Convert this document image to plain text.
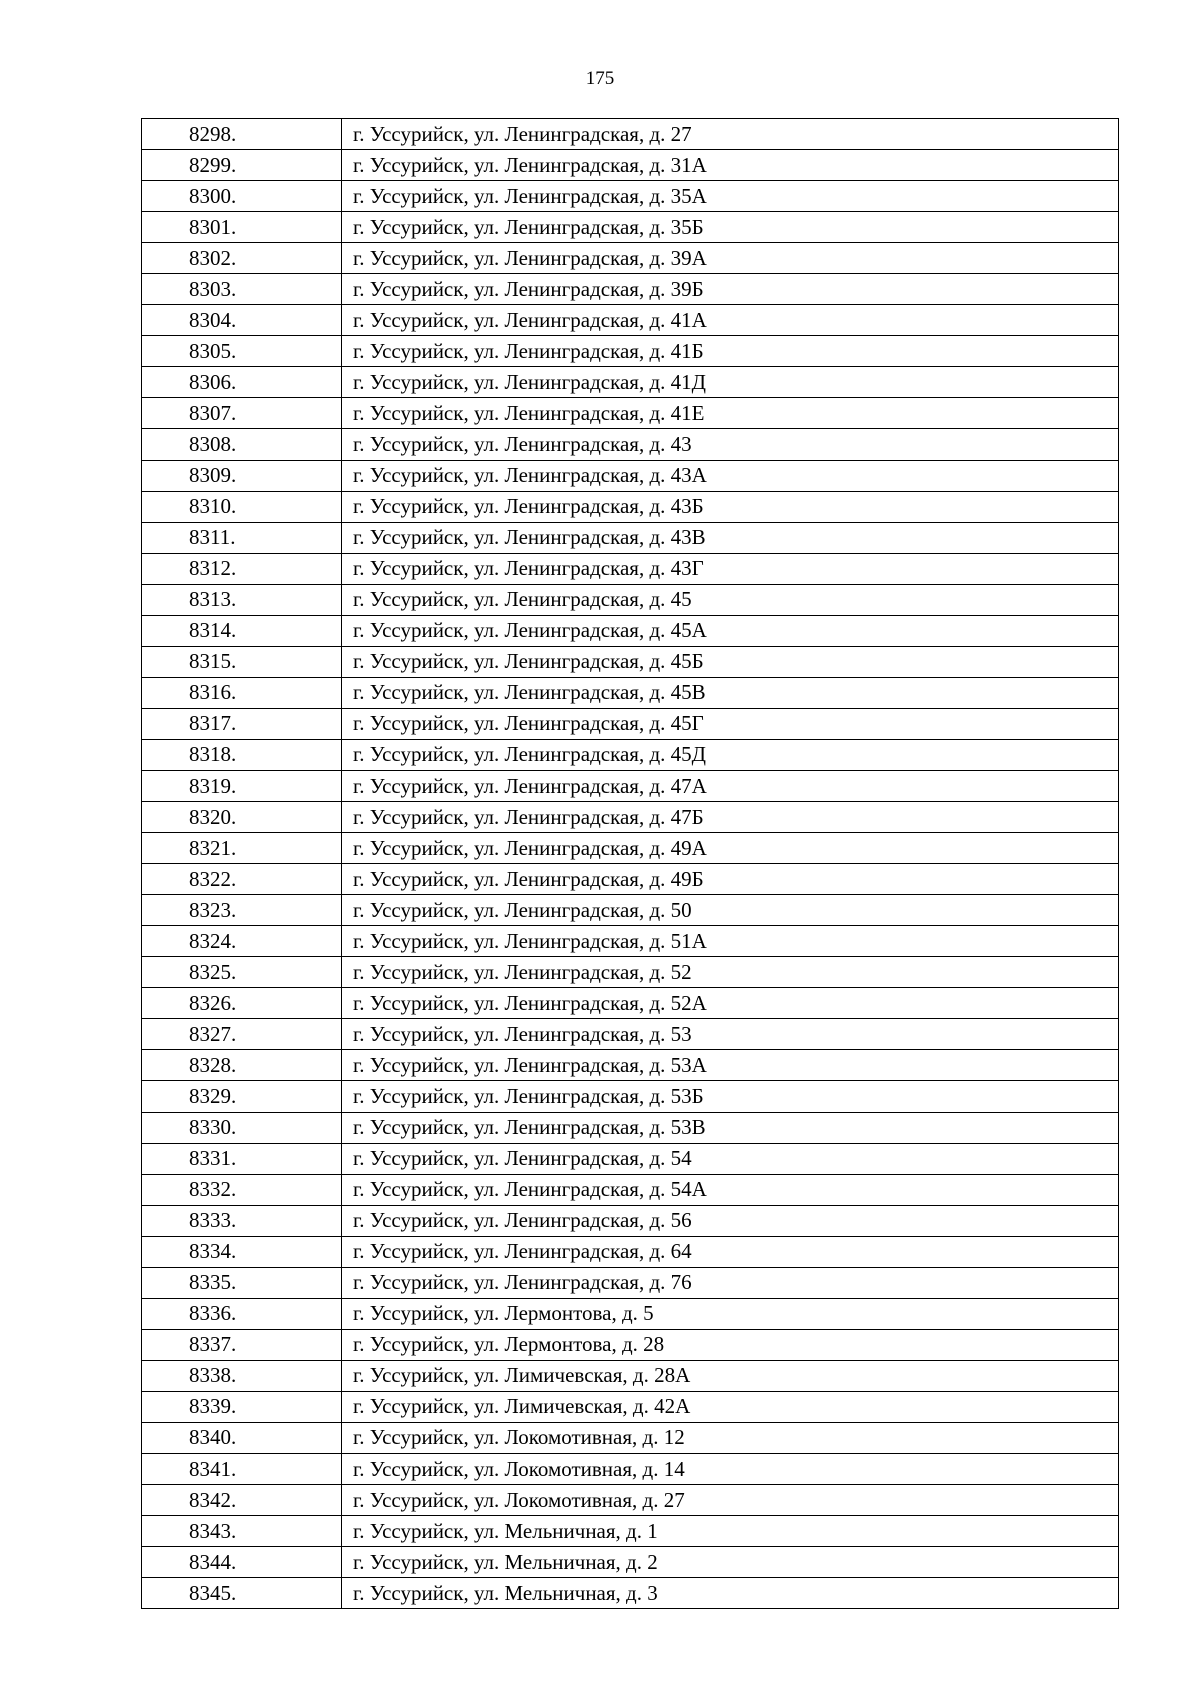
175
8298.	г. Уссурийск, ул. Ленинградская, д. 27
8299.	г. Уссурийск, ул. Ленинградская, д. 31А
8300.	г. Уссурийск, ул. Ленинградская, д. 35А
8301.	г. Уссурийск, ул. Ленинградская, д. 35Б
8302.	г. Уссурийск, ул. Ленинградская, д. 39А
8303.	г. Уссурийск, ул. Ленинградская, д. 39Б
8304.	г. Уссурийск, ул. Ленинградская, д. 41А
8305.	г. Уссурийск, ул. Ленинградская, д. 41Б
8306.	г. Уссурийск, ул. Ленинградская, д. 41Д
8307.	г. Уссурийск, ул. Ленинградская, д. 41Е
8308.	г. Уссурийск, ул. Ленинградская, д. 43
8309.	г. Уссурийск, ул. Ленинградская, д. 43А
8310.	г. Уссурийск, ул. Ленинградская, д. 43Б
8311.	г. Уссурийск, ул. Ленинградская, д. 43В
8312.	г. Уссурийск, ул. Ленинградская, д. 43Г
8313.	г. Уссурийск, ул. Ленинградская, д. 45
8314.	г. Уссурийск, ул. Ленинградская, д. 45А
8315.	г. Уссурийск, ул. Ленинградская, д. 45Б
8316.	г. Уссурийск, ул. Ленинградская, д. 45В
8317.	г. Уссурийск, ул. Ленинградская, д. 45Г
8318.	г. Уссурийск, ул. Ленинградская, д. 45Д
8319.	г. Уссурийск, ул. Ленинградская, д. 47А
8320.	г. Уссурийск, ул. Ленинградская, д. 47Б
8321.	г. Уссурийск, ул. Ленинградская, д. 49А
8322.	г. Уссурийск, ул. Ленинградская, д. 49Б
8323.	г. Уссурийск, ул. Ленинградская, д. 50
8324.	г. Уссурийск, ул. Ленинградская, д. 51А
8325.	г. Уссурийск, ул. Ленинградская, д. 52
8326.	г. Уссурийск, ул. Ленинградская, д. 52А
8327.	г. Уссурийск, ул. Ленинградская, д. 53
8328.	г. Уссурийск, ул. Ленинградская, д. 53А
8329.	г. Уссурийск, ул. Ленинградская, д. 53Б
8330.	г. Уссурийск, ул. Ленинградская, д. 53В
8331.	г. Уссурийск, ул. Ленинградская, д. 54
8332.	г. Уссурийск, ул. Ленинградская, д. 54А
8333.	г. Уссурийск, ул. Ленинградская, д. 56
8334.	г. Уссурийск, ул. Ленинградская, д. 64
8335.	г. Уссурийск, ул. Ленинградская, д. 76
8336.	г. Уссурийск, ул. Лермонтова, д. 5
8337.	г. Уссурийск, ул. Лермонтова, д. 28
8338.	г. Уссурийск, ул. Лимичевская, д. 28А
8339.	г. Уссурийск, ул. Лимичевская, д. 42А
8340.	г. Уссурийск, ул. Локомотивная, д. 12
8341.	г. Уссурийск, ул. Локомотивная, д. 14
8342.	г. Уссурийск, ул. Локомотивная, д. 27
8343.	г. Уссурийск, ул. Мельничная, д. 1
8344.	г. Уссурийск, ул. Мельничная, д. 2
8345.	г. Уссурийск, ул. Мельничная, д. 3
